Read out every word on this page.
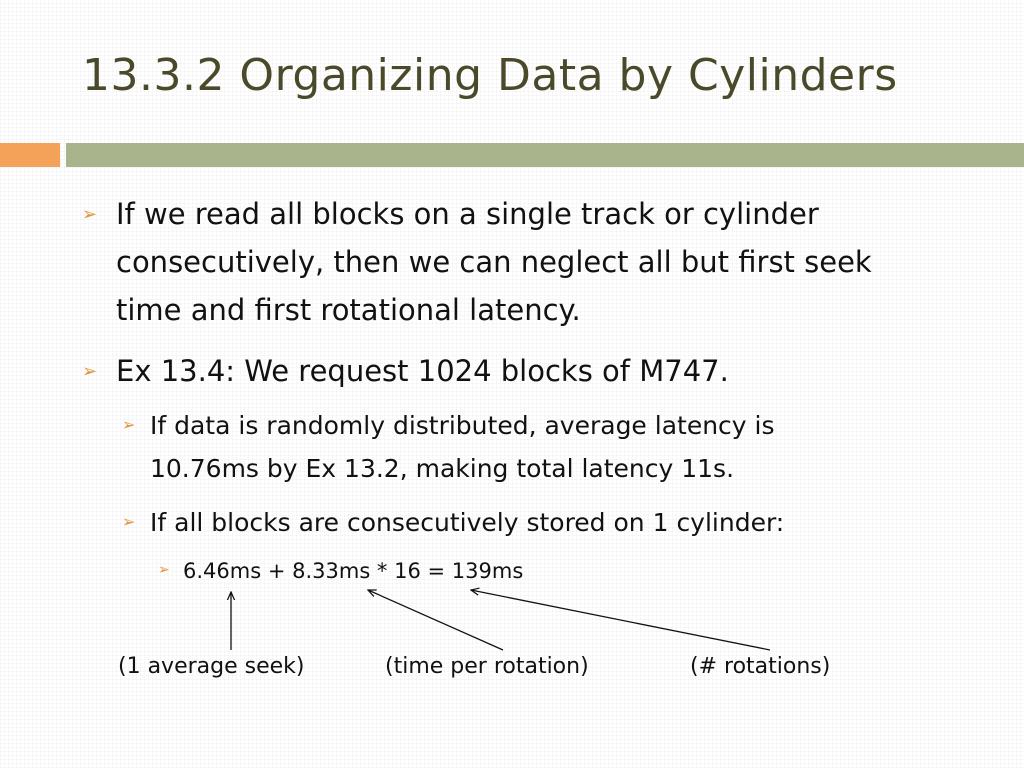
13.3.2 Organizing Data by Cylinders
➢ If we read all blocks on a single track or cylinder
consecutively, then we can neglect all but first seek
time and first rotational latency.
➢ Ex 13.4: We request 1024 blocks of M747.
➢ If data is randomly distributed, average latency is
10.76ms by Ex 13.2, making total latency 11s.
➢ If all blocks are consecutively stored on 1 cylinder:
➢ 6.46ms + 8.33ms * 16 = 139ms
(1 average seek)	(time per rotation)	(# rotations)
